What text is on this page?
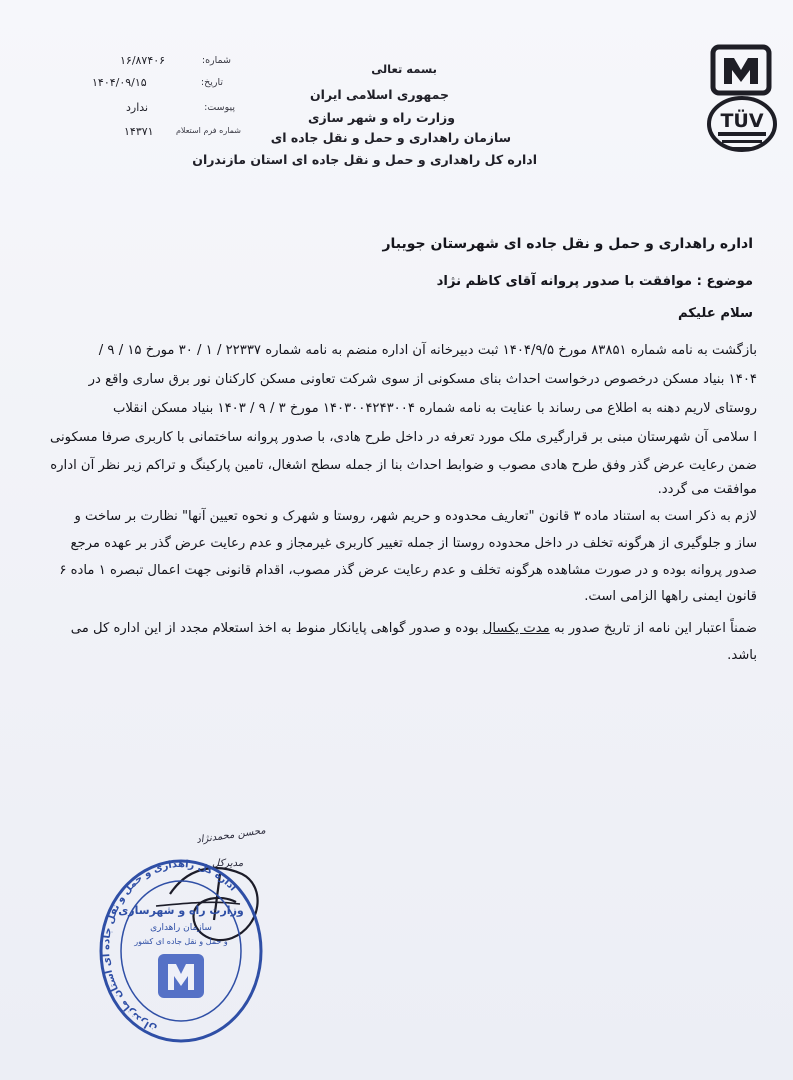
شماره:
۱۶/۸۷۴۰۶
تاریخ:
۱۴۰۴/۰۹/۱۵
پیوست:
ندارد
شماره فرم استعلام
۱۴۳۷۱
بسمه تعالی
جمهوری اسلامی ایران
وزارت راه و شهر سازی
سازمان راهداری و حمل و نقل جاده ای
اداره کل راهداری و حمل و نقل جاده ای استان مازندران
TÜV
اداره راهداری و حمل و نقل جاده ای شهرستان جویبار
موضوع : موافقت با صدور پروانه آقای کاظم نژاد
سلام علیکم
بازگشت به نامه شماره ۸۳۸۵۱ مورخ ۱۴۰۴/۹/۵ ثبت دبیرخانه آن اداره منضم به نامه شماره ۲۲۳۳۷ / ۱ / ۳۰ مورخ ۱۵ / ۹ /
۱۴۰۴ بنیاد مسکن درخصوص درخواست احداث بنای مسکونی از سوی شرکت تعاونی مسکن کارکنان نور برق ساری واقع در
روستای لاریم دهنه به اطلاع می رساند با عنایت به نامه شماره ۱۴۰۳۰۰۴۲۴۳۰۰۴ مورخ ۳ / ۹ / ۱۴۰۳ بنیاد مسکن انقلاب
ا سلامی آن شهرستان مبنی بر قرارگیری ملک مورد تعرفه در داخل طرح هادی، با صدور پروانه ساختمانی با کاربری صرفا مسکونی
ضمن رعایت عرض گذر وفق طرح هادی مصوب و ضوابط احداث بنا از جمله سطح اشغال، تامین پارکینگ و تراکم زیر نظر آن اداره
موافقت می گردد.
لازم به ذکر است به استناد ماده ۳ قانون "تعاریف محدوده و حریم شهر، روستا و شهرک و نحوه تعیین آنها" نظارت بر ساخت و
ساز و جلوگیری از هرگونه تخلف در داخل محدوده روستا از جمله تغییر کاربری غیرمجاز و عدم رعایت عرض گذر بر عهده مرجع
صدور پروانه بوده و در صورت مشاهده هرگونه تخلف و عدم رعایت عرض گذر مصوب، اقدام قانونی جهت اعمال تبصره ۱ ماده ۶
قانون ایمنی راهها الزامی است.
ضمناً اعتبار این نامه از تاریخ صدور به مدت یکسال بوده و صدور گواهی پایانکار منوط به اخذ استعلام مجدد از این اداره کل می
باشد.
محسن محمدنژاد
مدیرکل
اداره کل راهداری و حمل و نقل جاده ای استان مازندران
وزارت راه و شهرسازی
سازمان راهداری
و حمل و نقل جاده ای کشور
